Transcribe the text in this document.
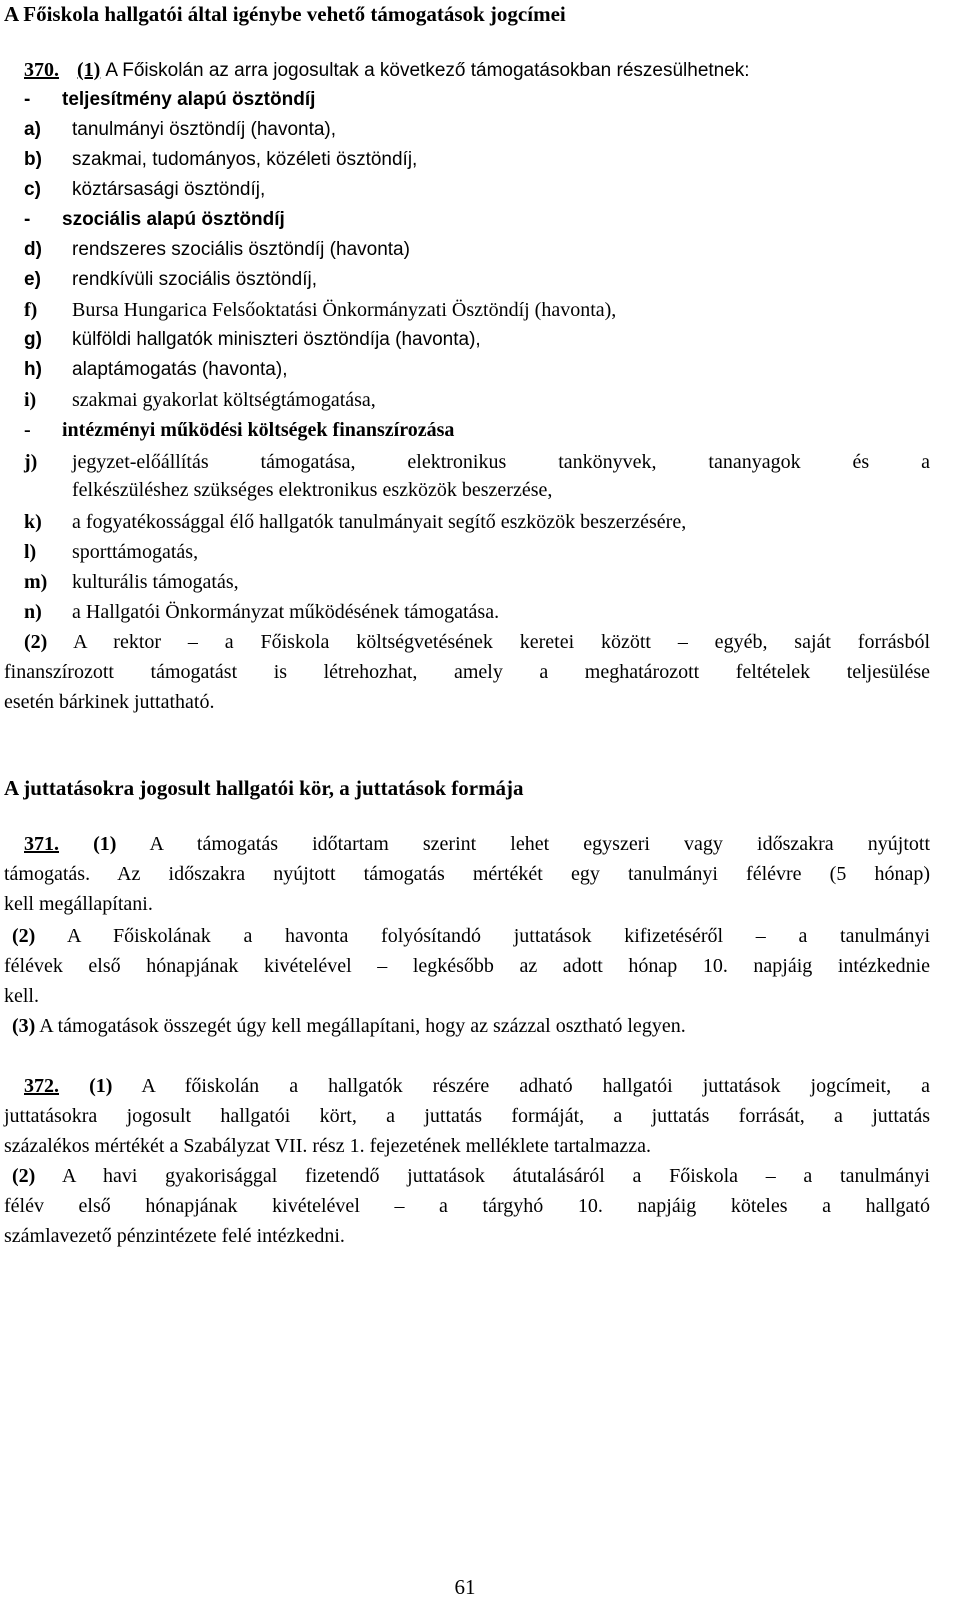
A Főiskola hallgatói által igénybe vehető támogatások jogcímei
370. (1) A Főiskolán az arra jogosultak a következő támogatásokban részesülhetnek:
- teljesítmény alapú ösztöndíj
a) tanulmányi ösztöndíj (havonta),
b) szakmai, tudományos, közéleti ösztöndíj,
c) köztársasági ösztöndíj,
- szociális alapú ösztöndíj
d) rendszeres szociális ösztöndíj (havonta)
e) rendkívüli szociális ösztöndíj,
f) Bursa Hungarica Felsőoktatási Önkormányzati Ösztöndíj (havonta),
g) külföldi hallgatók miniszteri ösztöndíja (havonta),
h) alaptámogatás (havonta),
i) szakmai gyakorlat költségtámogatása,
- intézményi működési költségek finanszírozása
j)	jegyzet-előállítás támogatása, elektronikus tankönyvek, tananyagok és a
felkészüléshez szükséges elektronikus eszközök beszerzése,
k) a fogyatékossággal élő hallgatók tanulmányait segítő eszközök beszerzésére,
l) sporttámogatás,
m) kulturális támogatás,
n) a Hallgatói Önkormányzat működésének támogatása.
(2) A rektor – a Főiskola költségvetésének keretei között – egyéb, saját forrásból
finanszírozott támogatást is létrehozhat, amely a meghatározott feltételek teljesülése
esetén bárkinek juttatható.
A juttatásokra jogosult hallgatói kör, a juttatások formája
371. (1) A támogatás időtartam szerint lehet egyszeri vagy időszakra nyújtott
támogatás. Az időszakra nyújtott támogatás mértékét egy tanulmányi félévre (5 hónap)
kell megállapítani.
(2) A Főiskolának a havonta folyósítandó juttatások kifizetéséről – a tanulmányi
félévek első hónapjának kivételével – legkésőbb az adott hónap 10. napjáig intézkednie
kell.
(3) A támogatások összegét úgy kell megállapítani, hogy az százzal osztható legyen.
372. (1) A főiskolán a hallgatók részére adható hallgatói juttatások jogcímeit, a
juttatásokra jogosult hallgatói kört, a juttatás formáját, a juttatás forrását, a juttatás
százalékos mértékét a Szabályzat VII. rész 1. fejezetének melléklete tartalmazza.
(2) A havi gyakorisággal fizetendő juttatások átutalásáról a Főiskola – a tanulmányi
félév első hónapjának kivételével – a tárgyhó 10. napjáig köteles a hallgató
számlavezető pénzintézete felé intézkedni.
61
